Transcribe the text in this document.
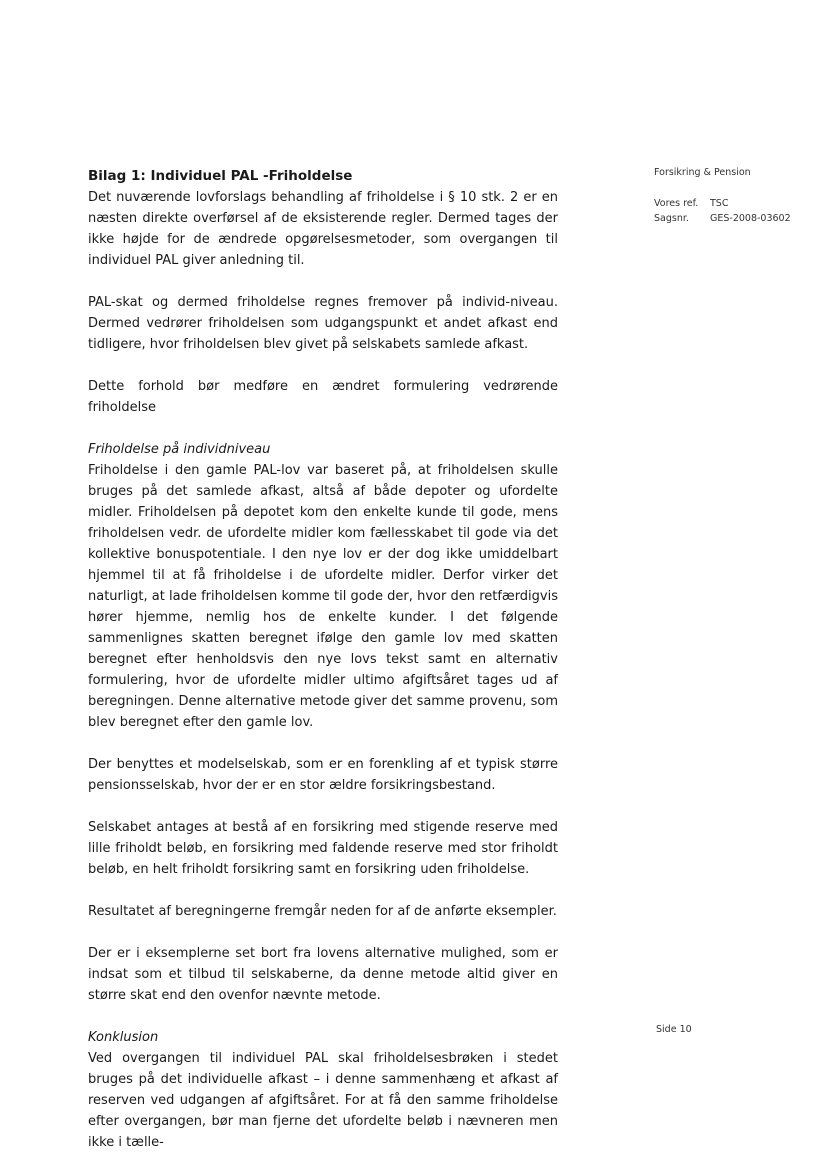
Bilag 1: Individuel PAL -Friholdelse

Det nuværende lovforslags behandling af friholdelse i § 10 stk. 2 er en næsten direkte overførsel af de eksisterende regler. Dermed tages der ikke højde for de ændrede opgørelsesmetoder, som overgangen til individuel PAL giver anledning til.

PAL-skat og dermed friholdelse regnes fremover på individ-niveau. Dermed vedrører friholdelsen som udgangspunkt et andet afkast end tidligere, hvor friholdelsen blev givet på selskabets samlede afkast.

Dette forhold bør medføre en ændret formulering vedrørende friholdelse

Friholdelse på individniveau

Friholdelse i den gamle PAL-lov var baseret på, at friholdelsen skulle bruges på det samlede afkast, altså af både depoter og ufordelte midler. Friholdelsen på depotet kom den enkelte kunde til gode, mens friholdelsen vedr. de ufordelte midler kom fællesskabet til gode via det kollektive bonuspotentiale. I den nye lov er der dog ikke umiddelbart hjemmel til at få friholdelse i de ufordelte midler. Derfor virker det naturligt, at lade friholdelsen komme til gode der, hvor den retfærdigvis hører hjemme, nemlig hos de enkelte kunder. I det følgende sammenlignes skatten beregnet ifølge den gamle lov med skatten beregnet efter henholdsvis den nye lovs tekst samt en alternativ formulering, hvor de ufordelte midler ultimo afgiftsåret tages ud af beregningen. Denne alternative metode giver det samme provenu, som blev beregnet efter den gamle lov.

Der benyttes et modelselskab, som er en forenkling af et typisk større pensionsselskab, hvor der er en stor ældre forsikringsbestand.

Selskabet antages at bestå af en forsikring med stigende reserve med lille friholdt beløb, en forsikring med faldende reserve med stor friholdt beløb, en helt friholdt forsikring samt en forsikring uden friholdelse.

Resultatet af beregningerne fremgår neden for af de anførte eksempler.

Der er i eksemplerne set bort fra lovens alternative mulighed, som er indsat som et tilbud til selskaberne, da denne metode altid giver en større skat end den ovenfor nævnte metode.

Konklusion

Ved overgangen til individuel PAL skal friholdelsesbrøken i stedet bruges på det individuelle afkast – i denne sammenhæng et afkast af reserven ved udgangen af afgiftsåret. For at få den samme friholdelse efter overgangen, bør man fjerne det ufordelte beløb i nævneren men ikke i tælle-

Forsikring & Pension
Vores ref.	TSC
Sagsnr.	GES-2008-03602
Side 10
